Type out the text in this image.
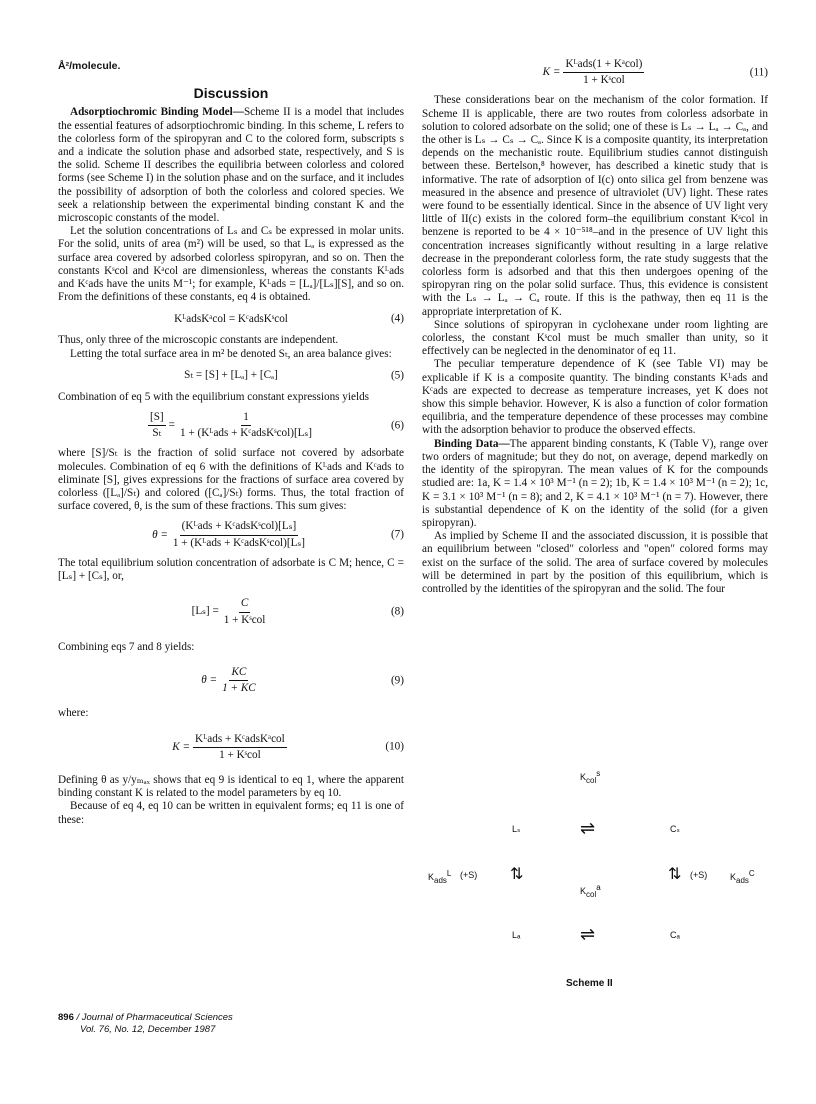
Å²/molecule.

Discussion

Adsorptiochromic Binding Model—Scheme II is a model that includes the essential features of adsorptiochromic binding. In this scheme, L refers to the colorless form of the spiropyran and C to the colored form, subscripts s and a indicate the solution phase and adsorbed state, respectively, and S is the solid. Scheme II describes the equilibria between colorless and colored forms (see Scheme I) in the solution phase and on the surface, and it includes the possibility of adsorption of both the colorless and colored species. We seek a relationship between the experimental binding constant K and the microscopic constants of the model.

Let the solution concentrations of Lₛ and Cₛ be expressed in molar units. For the solid, units of area (m²) will be used, so that Lₐ is expressed as the surface area covered by adsorbed colorless spiropyran, and so on. Then the constants Kˢcol and Kᵃcol are dimensionless, whereas the constants Kᴸads and Kᶜads have the units M⁻¹; for example, Kᴸads = [Lₐ]/[Lₛ][S], and so on. From the definitions of these constants, eq 4 is obtained.

KᴸadsKᵃcol = KᶜadsKˢcol	(4)

Thus, only three of the microscopic constants are independent.

Letting the total surface area in m² be denoted Sₜ, an area balance gives:

Sₜ = [S] + [Lₐ] + [Cₐ]	(5)

Combination of eq 5 with the equilibrium constant expressions yields

$\frac{[S]}{\text{Sₜ}} = \frac{1}{\text{1 + (Kᴸads + KᶜadsKˢcol)[Lₛ]}}$	(6)

where [S]/Sₜ is the fraction of solid surface not covered by adsorbate molecules. Combination of eq 6 with the definitions of Kᴸads and Kᶜads to eliminate [S], gives expressions for the fractions of surface area covered by colorless ([Lₐ]/Sₜ) and colored ([Cₐ]/Sₜ) forms. Thus, the total fraction of surface covered, θ, is the sum of these fractions. This sum gives:

$\theta = \frac{\text{(Kᴸads + KᶜadsKˢcol)[Lₛ]}}{\text{1 + (Kᴸads + KᶜadsKˢcol)[Lₛ]}}$	(7)

The total equilibrium solution concentration of adsorbate is C M; hence, C = [Lₛ] + [Cₛ], or,

$[L_s] = \frac{C}{\text{1 + Kˢcol}}$	(8)

Combining eqs 7 and 8 yields:

$\theta = \frac{KC}{1 + KC}$	(9)

where:

$K = \frac{\text{Kᴸads + KᶜadsKᵃcol}}{\text{1 + Kˢcol}}$	(10)

Defining θ as y/yₘₐₓ shows that eq 9 is identical to eq 1, where the apparent binding constant K is related to the model parameters by eq 10.

Because of eq 4, eq 10 can be written in equivalent forms; eq 11 is one of these:

$K = \frac{\text{Kᴸads(1 + Kᵃcol)}}{\text{1 + Kˢcol}}$	(11)

These considerations bear on the mechanism of the color formation. If Scheme II is applicable, there are two routes from colorless adsorbate in solution to colored adsorbate on the solid; one of these is Lₛ → Lₐ → Cₐ, and the other is Lₛ → Cₛ → Cₐ. Since K is a composite quantity, its interpretation depends on the mechanistic route. Equilibrium studies cannot distinguish between these. Bertelson,⁸ however, has described a kinetic study that is informative. The rate of adsorption of I(c) onto silica gel from benzene was measured in the absence and presence of ultraviolet (UV) light. These rates were found to be essentially identical. Since in the absence of UV light very little of II(c) exists in the colored form–the equilibrium constant Kˢcol in benzene is reported to be 4 × 10⁻⁵¹⁸–and in the presence of UV light this concentration increases significantly without resulting in a large relative decrease in the preponderant colorless form, the rate study suggests that the colorless form is adsorbed and that this then undergoes opening of the spiropyran ring on the polar solid surface. Thus, this evidence is consistent with the Lₛ → Lₐ → Cₐ route. If this is the pathway, then eq 11 is the appropriate interpretation of K.

Since solutions of spiropyran in cyclohexane under room lighting are colorless, the constant Kˢcol must be much smaller than unity, so it effectively can be neglected in the denominator of eq 11.

The peculiar temperature dependence of K (see Table VI) may be explicable if K is a composite quantity. The binding constants Kᴸads and Kᶜads are expected to decrease as temperature increases, yet K does not show this simple behavior. However, K is also a function of color formation equilibria, and the temperature dependence of these processes may combine with the adsorption behavior to produce the observed effects.

Binding Data—The apparent binding constants, K (Table V), range over two orders of magnitude; but they do not, on average, depend markedly on the identity of the spiropyran. The mean values of K for the compounds studied are: 1a, K = 1.4 × 10³ M⁻¹ (n = 2); 1b, K = 1.4 × 10³ M⁻¹ (n = 2); 1c, K = 3.1 × 10³ M⁻¹ (n = 8); and 2, K = 4.1 × 10³ M⁻¹ (n = 7). However, there is substantial dependence of K on the identity of the solid (for a given spiropyran).

As implied by Scheme II and the associated discussion, it is possible that an equilibrium between "closed" colorless and "open" colored forms may exist on the surface of the solid. The area of surface covered by molecules will be determined in part by the position of this equilibrium, which is controlled by the identities of the spiropyran and the solid. The four

$K_{col}^s$
Lₛ	⇌	Cₛ
$K_{ads}^L$ (+S) ⇅	⇅ (+S)	$K_{ads}^C$
$K_{col}^a$
Lₐ	⇌	Cₐ
Scheme II
896 / Journal of Pharmaceutical Sciences
Vol. 76, No. 12, December 1987
